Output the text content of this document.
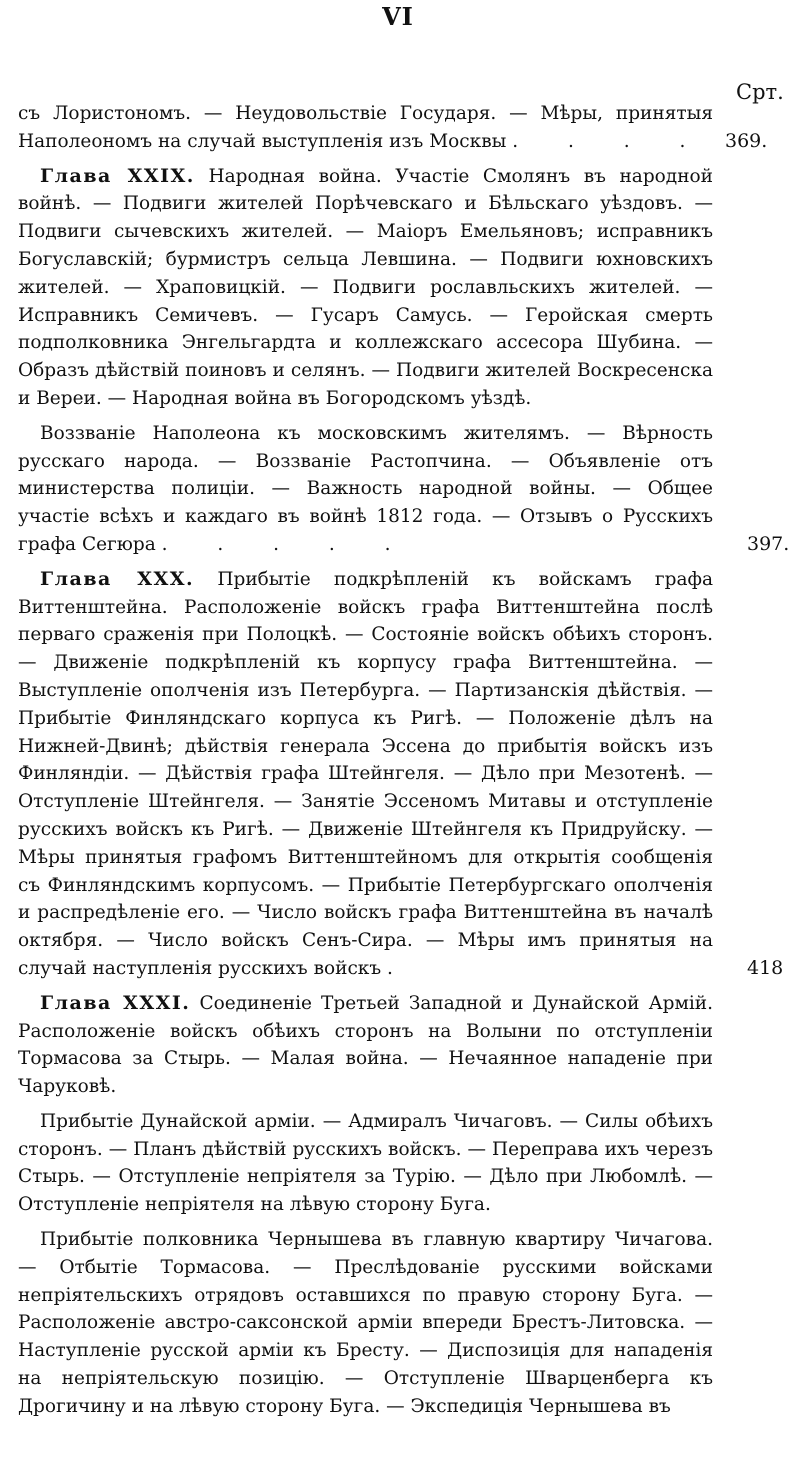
VI
Срт.

съ Лористономъ. — Неудовольствіе Государя. — Мѣры, принятыя Наполеономъ на случай выступленія изъ Москвы . . . . 369.

Глава XXIX. Народная война. Участіе Смолянъ въ народной войнѣ. — Подвиги жителей Порѣчевскаго и Бѣльскаго уѣздовъ. — Подвиги сычевскихъ жителей. — Маіоръ Емельяновъ; исправникъ Богуславскій; бурмистръ сельца Левшина. — Подвиги юхновскихъ жителей. — Храповицкій. — Подвиги рославльскихъ жителей. — Исправникъ Семичевъ. — Гусаръ Самусь. — Геройская смерть подполковника Энгельгардта и коллежскаго ассесора Шубина. — Образъ дѣйствій поиновъ и селянъ. — Подвиги жителей Воскресенска и Вереи. — Народная война въ Богородскомъ уѣздѣ.

Воззваніе Наполеона къ московскимъ жителямъ. — Вѣрность русскаго народа. — Воззваніе Растопчина. — Объявленіе отъ министерства полиціи. — Важность народной войны. — Общее участіе всѣхъ и каждаго въ войнѣ 1812 года. — Отзывъ о Русскихъ графа Сегюра . . . . .	397.

Глава XXX. Прибытіе подкрѣпленій къ войскамъ графа Виттенштейна. Расположеніе войскъ графа Виттенштейна послѣ перваго сраженія при Полоцкѣ. — Состояніе войскъ обѣихъ сторонъ. — Движеніе подкрѣпленій къ корпусу графа Виттенштейна. — Выступленіе ополченія изъ Петербурга. — Партизанскія дѣйствія. — Прибытіе Финляндскаго корпуса къ Ригѣ. — Положеніе дѣлъ на Нижней-Двинѣ; дѣйствія генерала Эссена до прибытія войскъ изъ Финляндіи. — Дѣйствія графа Штейнгеля. — Дѣло при Мезотенѣ. — Отступленіе Штейнгеля. — Занятіе Эссеномъ Митавы и отступленіе русскихъ войскъ къ Ригѣ. — Движеніе Штейнгеля къ Придруйску. — Мѣры принятыя графомъ Виттенштейномъ для открытія сообщенія съ Финляндскимъ корпусомъ. — Прибытіе Петербургскаго ополченія и распредѣленіе его. — Число войскъ графа Виттенштейна въ началѣ октября. — Число войскъ Сенъ-Сира. — Мѣры имъ принятыя на случай наступленія русскихъ войскъ .	418

Глава XXXI. Соединеніе Третьей Западной и Дунайской Армій. Расположеніе войскъ обѣихъ сторонъ на Волыни по отступленіи Тормасова за Стырь. — Малая война. — Нечаянное нападеніе при Чаруковѣ.

Прибытіе Дунайской арміи. — Адмиралъ Чичаговъ. — Силы обѣихъ сторонъ. — Планъ дѣйствій русскихъ войскъ. — Переправа ихъ черезъ Стырь. — Отступленіе непріятеля за Турію. — Дѣло при Любомлѣ. — Отступленіе непріятеля на лѣвую сторону Буга.

Прибытіе полковника Чернышева въ главную квартиру Чичагова. — Отбытіе Тормасова. — Преслѣдованіе русскими войсками непріятельскихъ отрядовъ оставшихся по правую сторону Буга. — Расположеніе австро-саксонской арміи впереди Брестъ-Литовска. — Наступленіе русской арміи къ Бресту. — Диспозиція для нападенія на непріятельскую позицію. — Отступленіе Шварценберга къ Дрогичину и на лѣвую сторону Буга. — Экспедиція Чернышева въ
